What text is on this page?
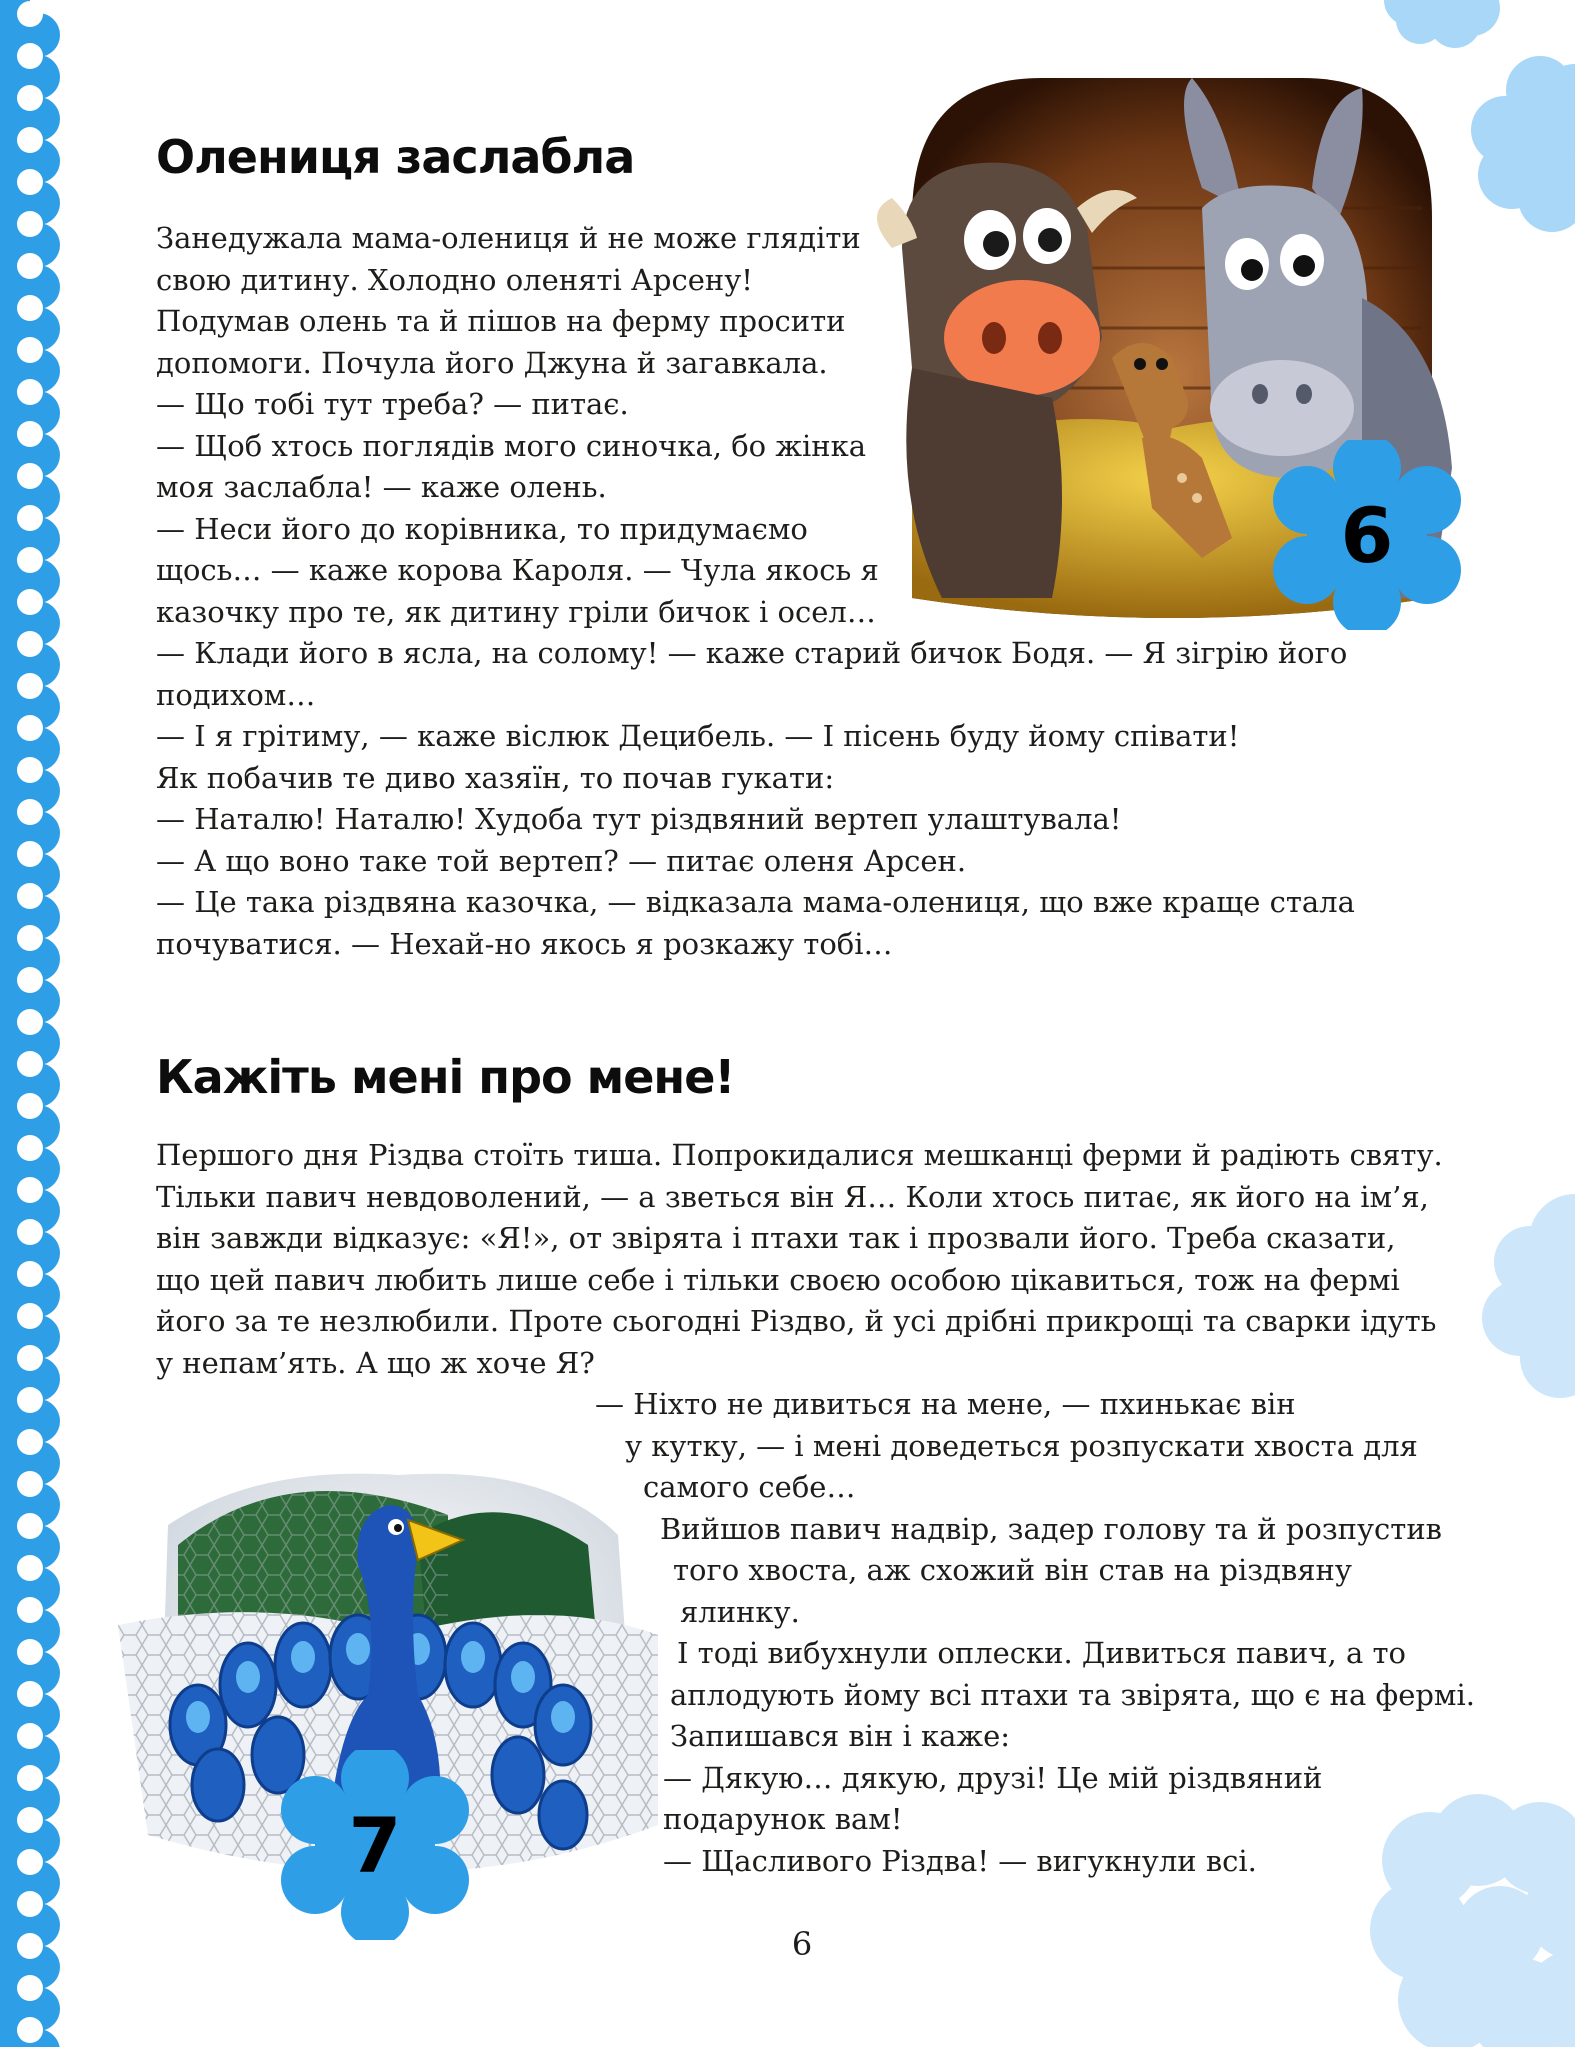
Олениця заслабла

Занедужала мама-олениця й не може глядіти

свою дитину. Холодно оленяті Арсену!

Подумав олень та й пішов на ферму просити

допомоги. Почула його Джуна й загавкала.

— Що тобі тут треба? — питає.

— Щоб хтось поглядів мого синочка, бо жінка

моя заслабла! — каже олень.

— Неси його до корівника, то придумаємо

щось… — каже корова Кароля. — Чула якось я

казочку про те, як дитину гріли бичок і осел…

— Клади його в ясла, на солому! — каже старий бичок Бодя. — Я зігрію його

подихом…

— І я грітиму, — каже віслюк Децибель. — І пісень буду йому співати!

Як побачив те диво хазяїн, то почав гукати:

— Наталю! Наталю! Худоба тут різдвяний вертеп улаштувала!

— А що воно таке той вертеп? — питає оленя Арсен.

— Це така різдвяна казочка, — відказала мама-олениця, що вже краще стала

почуватися. — Нехай-но якось я розкажу тобі…

6
Кажіть мені про мене!

Першого дня Різдва стоїть тиша. Попрокидалися мешканці ферми й радіють святу.

Тільки павич невдоволений, — а зветься він Я… Коли хтось питає, як його на ім’я,

він завжди відказує: «Я!», от звірята і птахи так і прозвали його. Треба сказати,

що цей павич любить лише себе і тільки своєю особою цікавиться, тож на фермі

його за те незлюбили. Проте сьогодні Різдво, й усі дрібні прикрощі та сварки ідуть

у непам’ять. А що ж хоче Я?

— Ніхто не дивиться на мене, — пхинькає він

у кутку, — і мені доведеться розпускати хвоста для

самого себе…

Вийшов павич надвір, задер голову та й розпустив

того хвоста, аж схожий він став на різдвяну

ялинку.

І тоді вибухнули оплески. Дивиться павич, а то

аплодують йому всі птахи та звірята, що є на фермі.

Запишався він і каже:

— Дякую… дякую, друзі! Це мій різдвяний

подарунок вам!

— Щасливого Різдва! — вигукнули всі.

7
6
